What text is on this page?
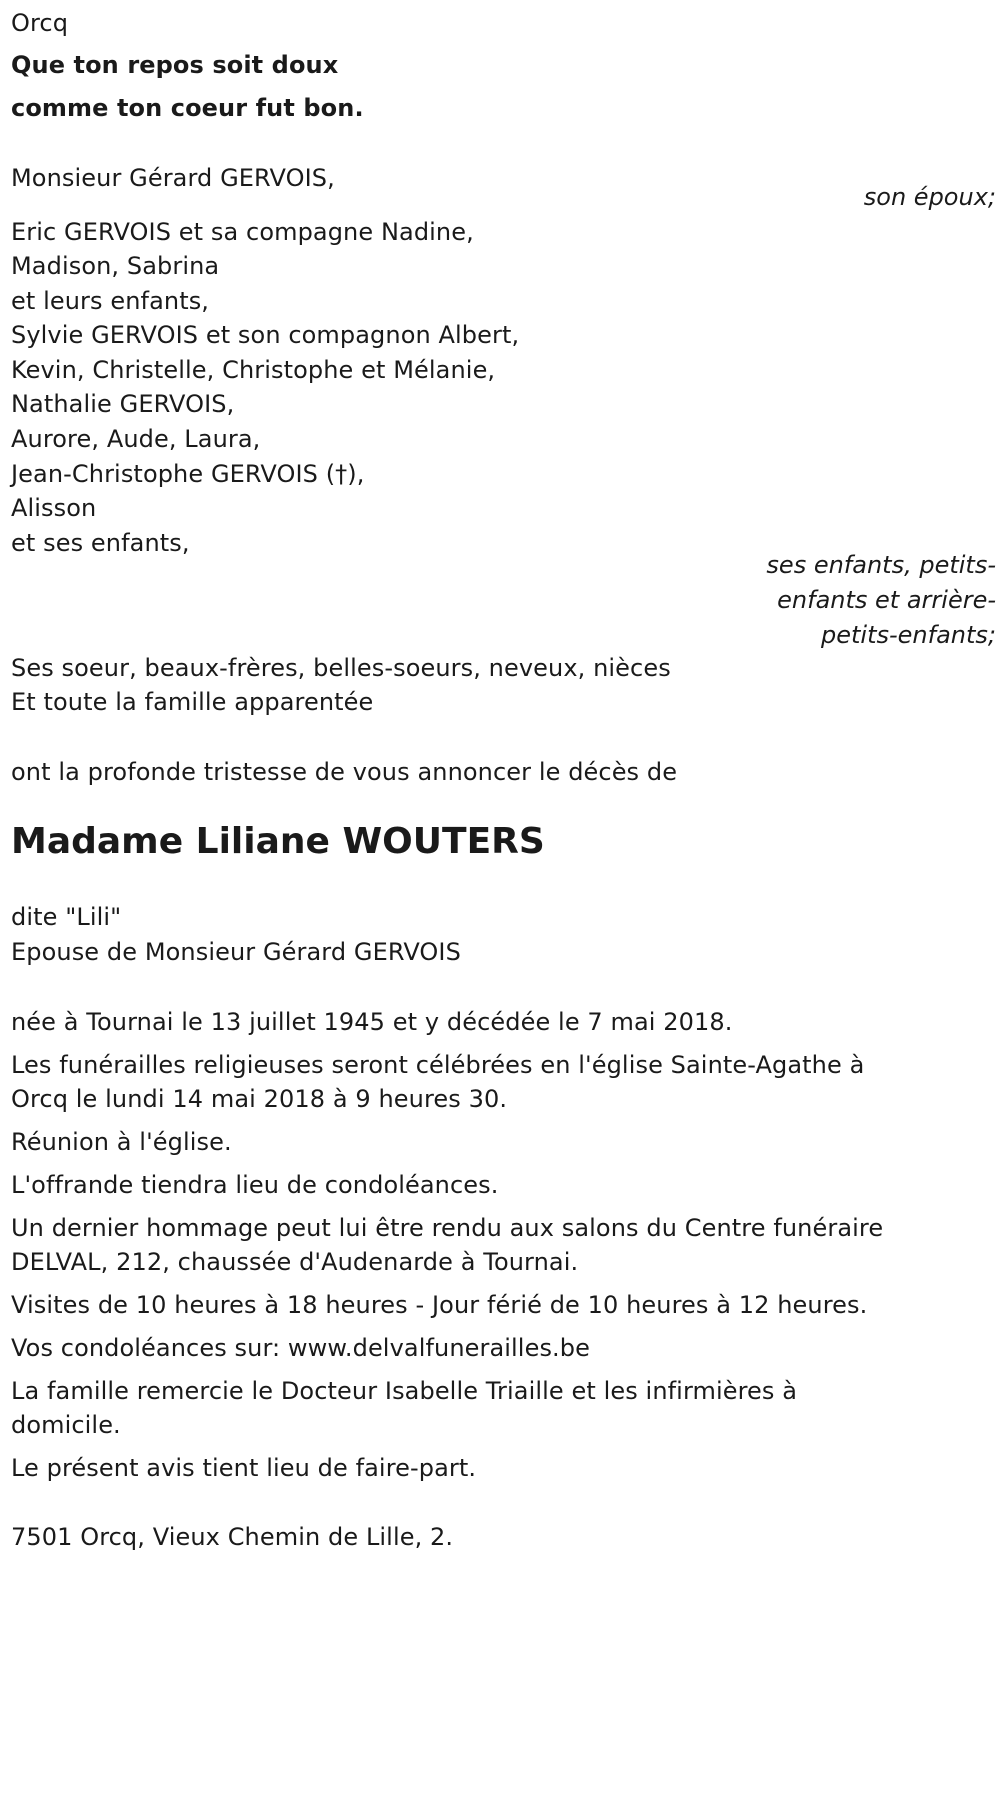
Orcq
Que ton repos soit doux
comme ton coeur fut bon.
Monsieur Gérard GERVOIS,
son époux;
Eric GERVOIS et sa compagne Nadine,
Madison, Sabrina
et leurs enfants,
Sylvie GERVOIS et son compagnon Albert,
Kevin, Christelle, Christophe et Mélanie,
Nathalie GERVOIS,
Aurore, Aude, Laura,
Jean-Christophe GERVOIS (†),
Alisson
et ses enfants,
ses enfants, petits-
enfants et arrière-
petits-enfants;
Ses soeur, beaux-frères, belles-soeurs, neveux, nièces
Et toute la famille apparentée
ont la profonde tristesse de vous annoncer le décès de
Madame Liliane WOUTERS
dite "Lili"
Epouse de Monsieur Gérard GERVOIS
née à Tournai le 13 juillet 1945 et y décédée le 7 mai 2018.
Les funérailles religieuses seront célébrées en l'église Sainte-Agathe à
Orcq le lundi 14 mai 2018 à 9 heures 30.
Réunion à l'église.
L'offrande tiendra lieu de condoléances.
Un dernier hommage peut lui être rendu aux salons du Centre funéraire
DELVAL, 212, chaussée d'Audenarde à Tournai.
Visites de 10 heures à 18 heures - Jour férié de 10 heures à 12 heures.
Vos condoléances sur: www.delvalfunerailles.be
La famille remercie le Docteur Isabelle Triaille et les infirmières à
domicile.
Le présent avis tient lieu de faire-part.
7501 Orcq, Vieux Chemin de Lille, 2.
